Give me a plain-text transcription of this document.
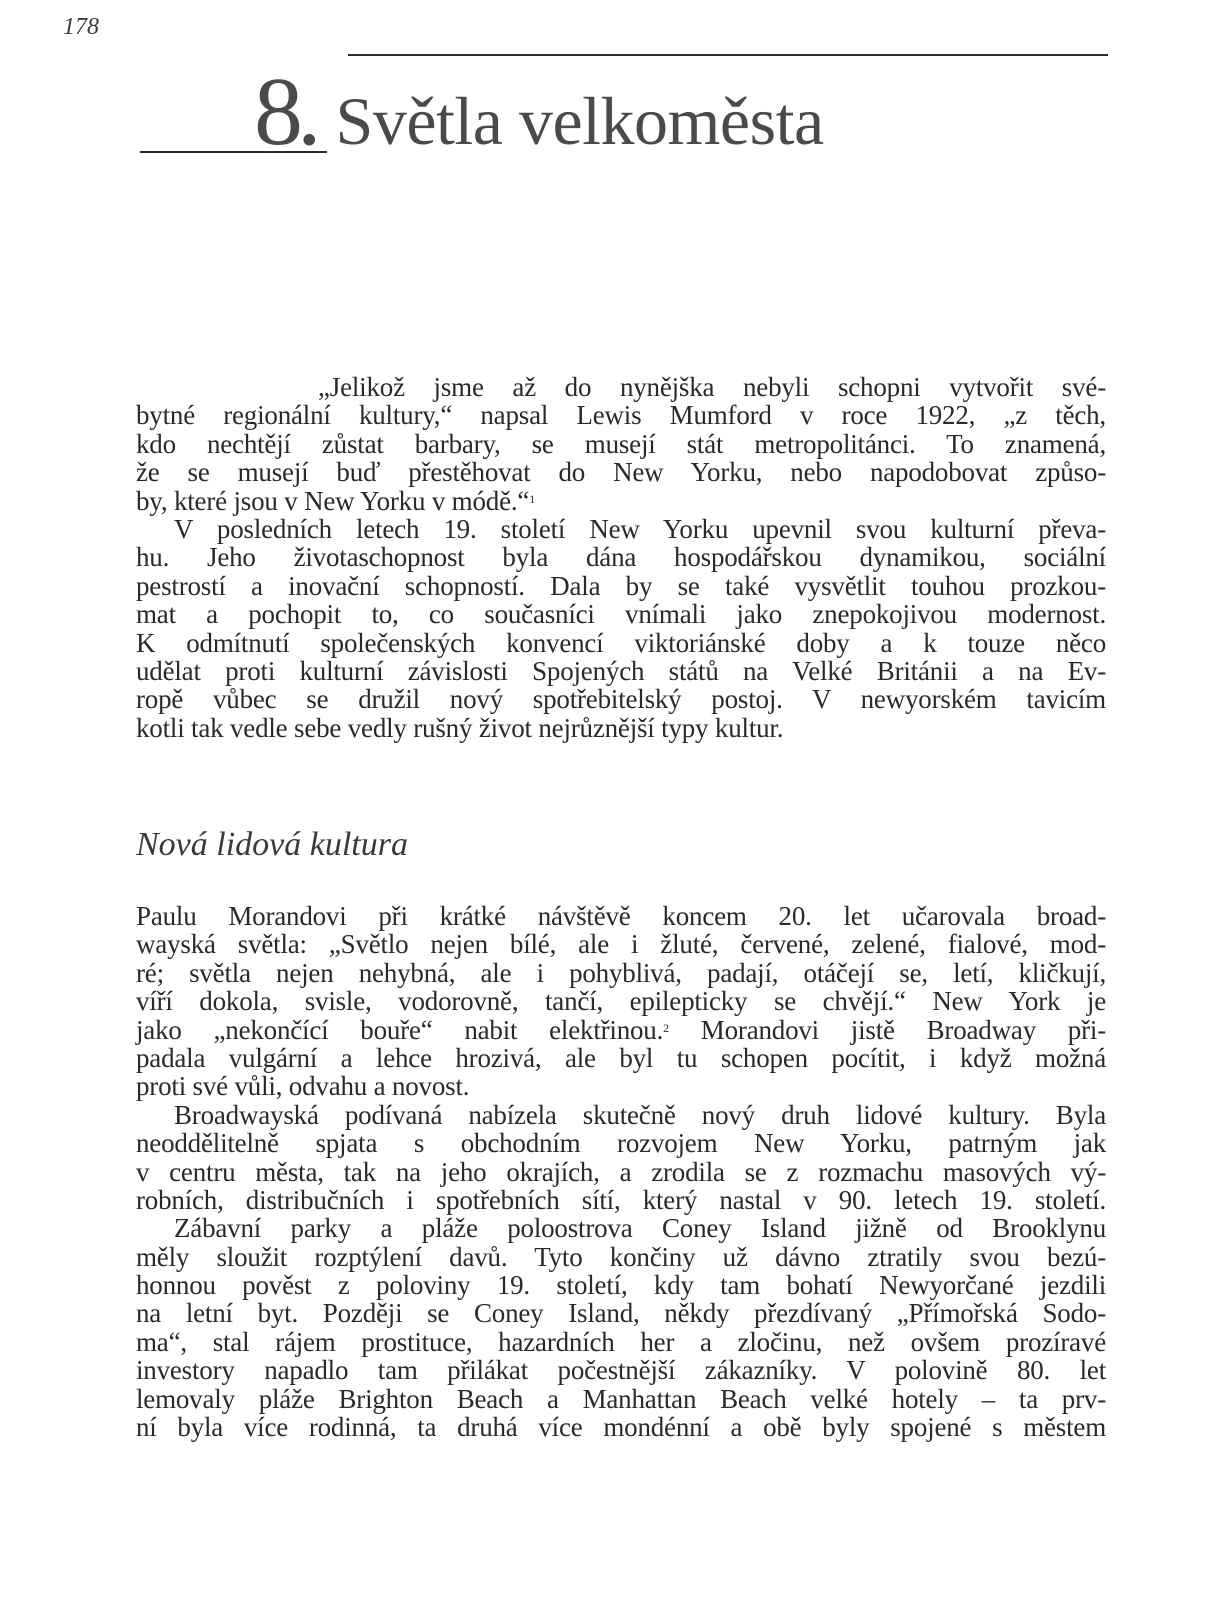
178
8. Světla velkoměsta
„Jelikož jsme až do nynějška nebyli schopni vytvořit své-
bytné regionální kultury,“ napsal Lewis Mumford v roce 1922, „z těch,
kdo nechtějí zůstat barbary, se musejí stát metropolitánci. To znamená,
že se musejí buď přestěhovat do New Yorku, nebo napodobovat způso-
by, které jsou v New Yorku v módě.“$^1$
V posledních letech 19. století New Yorku upevnil svou kulturní převa-
hu. Jeho životaschopnost byla dána hospodářskou dynamikou, sociální
pestrostí a inovační schopností. Dala by se také vysvětlit touhou prozkou-
mat a pochopit to, co současníci vnímali jako znepokojivou modernost.
K odmítnutí společenských konvencí viktoriánské doby a k touze něco
udělat proti kulturní závislosti Spojených států na Velké Británii a na Ev-
ropě vůbec se družil nový spotřebitelský postoj. V newyorském tavicím
kotli tak vedle sebe vedly rušný život nejrůznější typy kultur.
Nová lidová kultura
Paulu Morandovi při krátké návštěvě koncem 20. let učarovala broad-
wayská světla: „Světlo nejen bílé, ale i žluté, červené, zelené, fialové, mod-
ré; světla nejen nehybná, ale i pohyblivá, padají, otáčejí se, letí, kličkují,
víří dokola, svisle, vodorovně, tančí, epilepticky se chvějí.“ New York je
jako „nekončící bouře“ nabit elektřinou.$^2$ Morandovi jistě Broadway při-
padala vulgární a lehce hrozivá, ale byl tu schopen pocítit, i když možná
proti své vůli, odvahu a novost.
Broadwayská podívaná nabízela skutečně nový druh lidové kultury. Byla
neoddělitelně spjata s obchodním rozvojem New Yorku, patrným jak
v centru města, tak na jeho okrajích, a zrodila se z rozmachu masových vý-
robních, distribučních i spotřebních sítí, který nastal v 90. letech 19. století.
Zábavní parky a pláže poloostrova Coney Island jižně od Brooklynu
měly sloužit rozptýlení davů. Tyto končiny už dávno ztratily svou bezú-
honnou pověst z poloviny 19. století, kdy tam bohatí Newyorčané jezdili
na letní byt. Později se Coney Island, někdy přezdívaný „Přímořská Sodo-
ma“, stal rájem prostituce, hazardních her a zločinu, než ovšem prozíravé
investory napadlo tam přilákat počestnější zákazníky. V polovině 80. let
lemovaly pláže Brighton Beach a Manhattan Beach velké hotely – ta prv-
ní byla více rodinná, ta druhá více mondénní a obě byly spojené s městem
